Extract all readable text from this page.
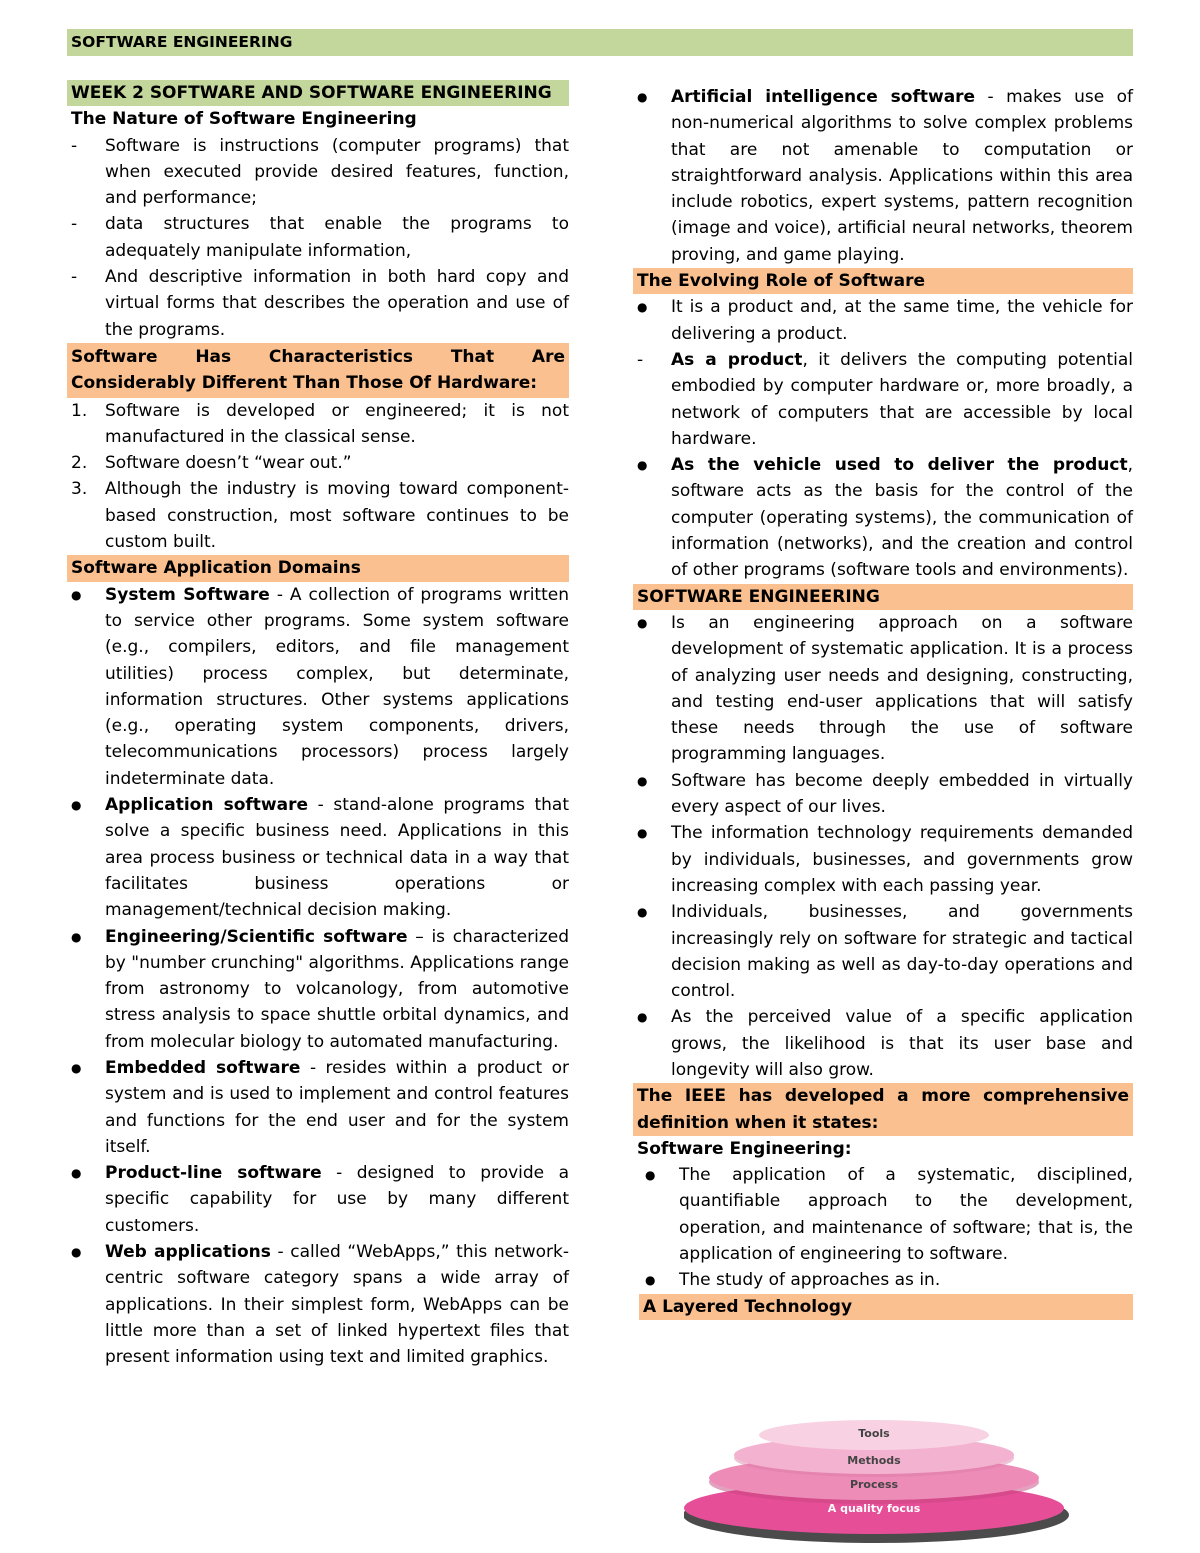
SOFTWARE ENGINEERING
WEEK 2 SOFTWARE AND SOFTWARE ENGINEERING
The Nature of Software Engineering
-	Software is instructions (computer programs) that when executed provide desired features, function, and performance;
-	data structures that enable the programs to adequately manipulate information,
-	And descriptive information in both hard copy and virtual forms that describes the operation and use of the programs.
Software Has Characteristics That Are Considerably Different Than Those Of Hardware:
1.	Software is developed or engineered; it is not manufactured in the classical sense.
2.	Software doesn’t “wear out.”
3.	Although the industry is moving toward component-based construction, most software continues to be custom built.
Software Application Domains
●	System Software - A collection of programs written to service other programs. Some system software (e.g., compilers, editors, and file management utilities) process complex, but determinate, information structures. Other systems applications (e.g., operating system components, drivers, telecommunications processors) process largely indeterminate data.
●	Application software - stand-alone programs that solve a specific business need. Applications in this area process business or technical data in a way that facilitates business operations or management/technical decision making.
●	Engineering/Scientific software – is characterized by "number crunching" algorithms. Applications range from astronomy to volcanology, from automotive stress analysis to space shuttle orbital dynamics, and from molecular biology to automated manufacturing.
●	Embedded software - resides within a product or system and is used to implement and control features and functions for the end user and for the system itself.
●	Product-line software - designed to provide a specific capability for use by many different customers.
●	Web applications - called “WebApps,” this network-centric software category spans a wide array of applications. In their simplest form, WebApps can be little more than a set of linked hypertext files that present information using text and limited graphics.
●	Artificial intelligence software - makes use of non-numerical algorithms to solve complex problems that are not amenable to computation or straightforward analysis. Applications within this area include robotics, expert systems, pattern recognition (image and voice), artificial neural networks, theorem proving, and game playing.
The Evolving Role of Software
●	It is a product and, at the same time, the vehicle for delivering a product.
-	As a product, it delivers the computing potential embodied by computer hardware or, more broadly, a network of computers that are accessible by local hardware.
●	As the vehicle used to deliver the product, software acts as the basis for the control of the computer (operating systems), the communication of information (networks), and the creation and control of other programs (software tools and environments).
SOFTWARE ENGINEERING
●	Is an engineering approach on a software development of systematic application. It is a process of analyzing user needs and designing, constructing, and testing end-user applications that will satisfy these needs through the use of software programming languages.
●	Software has become deeply embedded in virtually every aspect of our lives.
●	The information technology requirements demanded by individuals, businesses, and governments grow increasing complex with each passing year.
●	Individuals, businesses, and governments increasingly rely on software for strategic and tactical decision making as well as day-to-day operations and control.
●	As the perceived value of a specific application grows, the likelihood is that its user base and longevity will also grow.
The IEEE has developed a more comprehensive definition when it states:
Software Engineering:
●	The application of a systematic, disciplined, quantifiable approach to the development, operation, and maintenance of software; that is, the application of engineering to software.
●	The study of approaches as in.
A Layered Technology
Tools
Methods
Process
A quality focus
